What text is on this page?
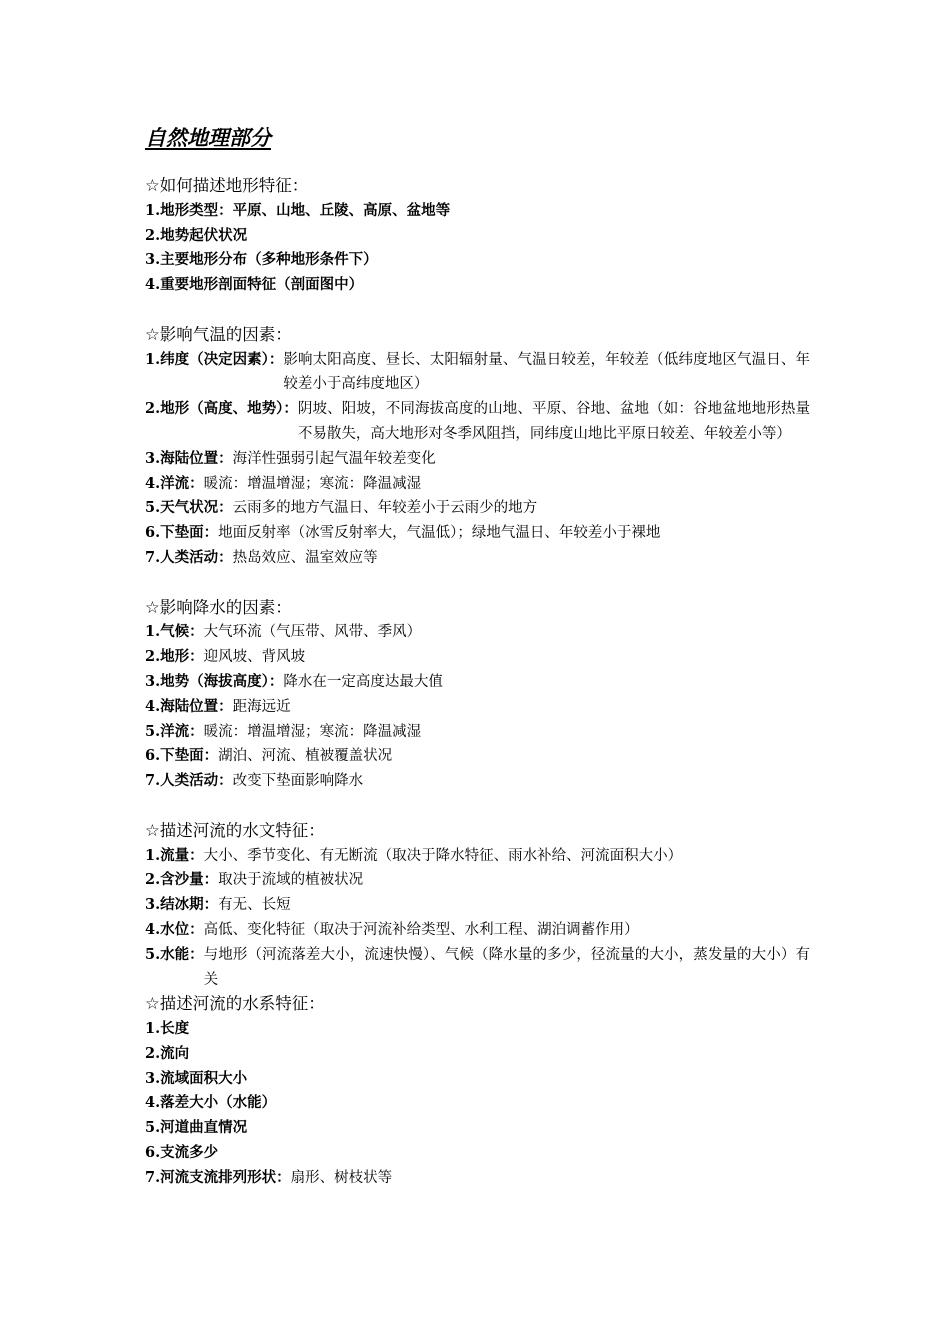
自然地理部分
☆如何描述地形特征：
1.地形类型：平原、山地、丘陵、高原、盆地等
2.地势起伏状况
3.主要地形分布（多种地形条件下）
4.重要地形剖面特征（剖面图中）
☆影响气温的因素：
1.纬度（决定因素）： 影响太阳高度、昼长、太阳辐射量、气温日较差，年较差（低纬度地区气温日、年较差小于高纬度地区）
2.地形（高度、地势）： 阴坡、阳坡，不同海拔高度的山地、平原、谷地、盆地（如：谷地盆地地形热量不易散失，高大地形对冬季风阻挡，同纬度山地比平原日较差、年较差小等）
3.海陆位置：海洋性强弱引起气温年较差变化
4.洋流：暖流：增温增湿；寒流：降温减湿
5.天气状况：云雨多的地方气温日、年较差小于云雨少的地方
6.下垫面：地面反射率（冰雪反射率大，气温低）；绿地气温日、年较差小于裸地
7.人类活动：热岛效应、温室效应等
☆影响降水的因素：
1.气候：大气环流（气压带、风带、季风）
2.地形：迎风坡、背风坡
3.地势（海拔高度）：降水在一定高度达最大值
4.海陆位置：距海远近
5.洋流：暖流：增温增湿；寒流：降温减湿
6.下垫面：湖泊、河流、植被覆盖状况
7.人类活动：改变下垫面影响降水
☆描述河流的水文特征：
1.流量：大小、季节变化、有无断流（取决于降水特征、雨水补给、河流面积大小）
2.含沙量：取决于流域的植被状况
3.结冰期：有无、长短
4.水位：高低、变化特征（取决于河流补给类型、水利工程、湖泊调蓄作用）
5.水能： 与地形（河流落差大小，流速快慢）、气候（降水量的多少，径流量的大小，蒸发量的大小）有关
☆描述河流的水系特征：
1.长度
2.流向
3.流域面积大小
4.落差大小（水能）
5.河道曲直情况
6.支流多少
7.河流支流排列形状：扇形、树枝状等
